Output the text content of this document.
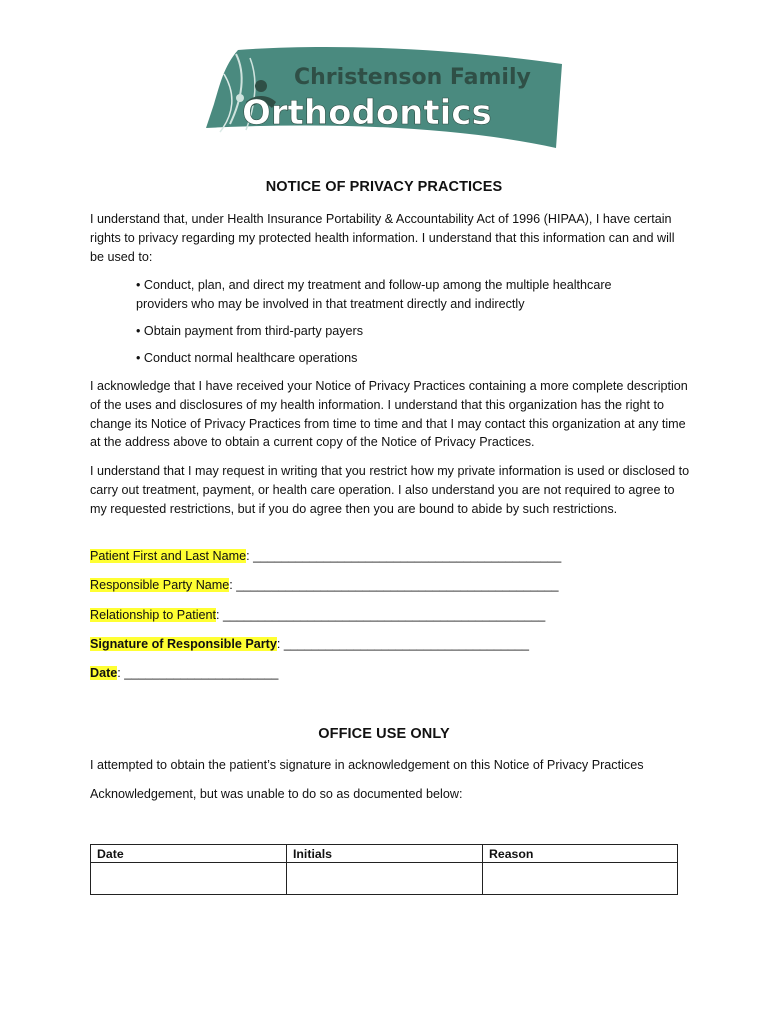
Christenson Family
Orthodontics
NOTICE OF PRIVACY PRACTICES
I understand that, under Health Insurance Portability & Accountability Act of 1996 (HIPAA), I have certain rights to privacy regarding my protected health information. I understand that this information can and will be used to:
• Conduct, plan, and direct my treatment and follow-up among the multiple healthcare providers who may be involved in that treatment directly and indirectly
• Obtain payment from third-party payers
• Conduct normal healthcare operations
I acknowledge that I have received your Notice of Privacy Practices containing a more complete description of the uses and disclosures of my health information. I understand that this organization has the right to change its Notice of Privacy Practices from time to time and that I may contact this organization at any time at the address above to obtain a current copy of the Notice of Privacy Practices.
I understand that I may request in writing that you restrict how my private information is used or disclosed to carry out treatment, payment, or health care operation. I also understand you are not required to agree to my requested restrictions, but if you do agree then you are bound to abide by such restrictions.
Patient First and Last Name: ____________________________________________
Responsible Party Name: ______________________________________________
Relationship to Patient: ______________________________________________
Signature of Responsible Party: ___________________________________
Date: ______________________
OFFICE USE ONLY
I attempted to obtain the patient’s signature in acknowledgement on this Notice of Privacy Practices
Acknowledgement, but was unable to do so as documented below:
Date	Initials	Reason
